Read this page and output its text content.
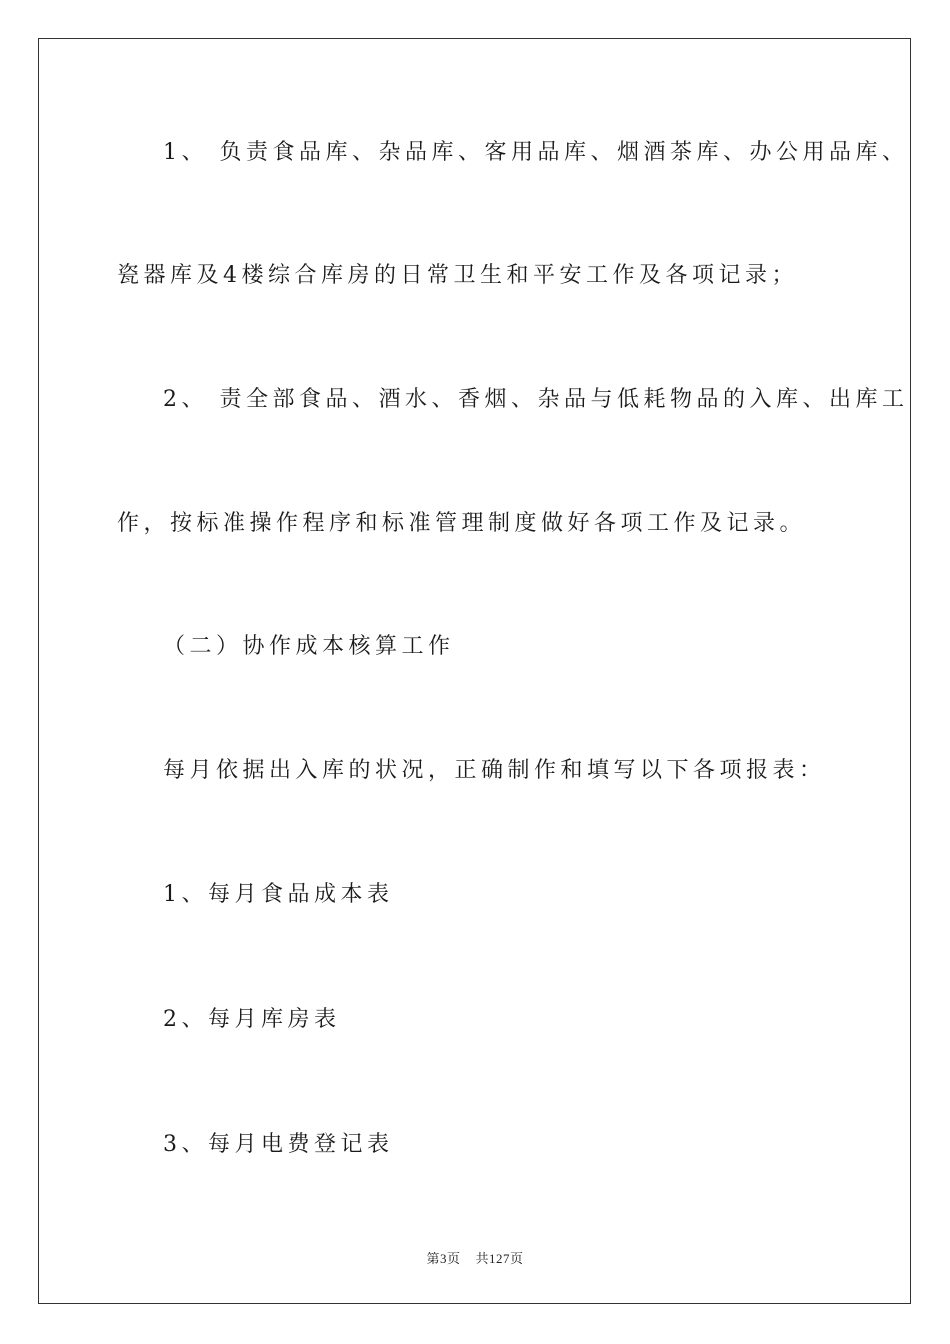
1、 负责食品库、杂品库、客用品库、烟酒茶库、办公用品库、
瓷器库及4楼综合库房的日常卫生和平安工作及各项记录；
2、 责全部食品、酒水、香烟、杂品与低耗物品的入库、出库工
作，按标准操作程序和标准管理制度做好各项工作及记录。
（二）协作成本核算工作
每月依据出入库的状况，正确制作和填写以下各项报表：
1、每月食品成本表
2、每月库房表
3、每月电费登记表
第3页 共127页
